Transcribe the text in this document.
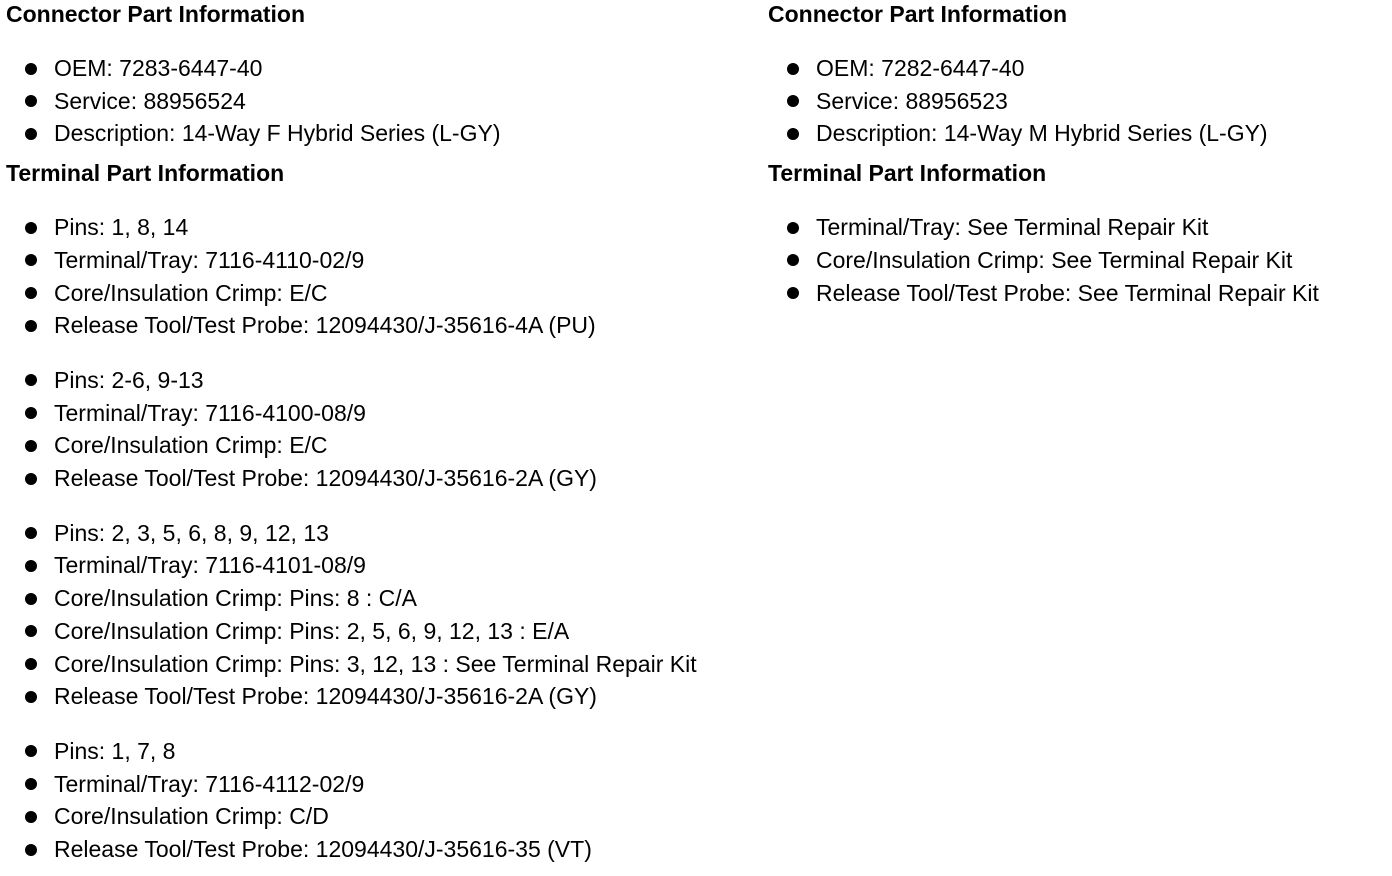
Connector Part Information
OEM: 7283-6447-40
Service: 88956524
Description: 14-Way F Hybrid Series (L-GY)
Terminal Part Information
Pins: 1, 8, 14
Terminal/Tray: 7116-4110-02/9
Core/Insulation Crimp: E/C
Release Tool/Test Probe: 12094430/J-35616-4A (PU)
Pins: 2-6, 9-13
Terminal/Tray: 7116-4100-08/9
Core/Insulation Crimp: E/C
Release Tool/Test Probe: 12094430/J-35616-2A (GY)
Pins: 2, 3, 5, 6, 8, 9, 12, 13
Terminal/Tray: 7116-4101-08/9
Core/Insulation Crimp: Pins: 8 : C/A
Core/Insulation Crimp: Pins: 2, 5, 6, 9, 12, 13 : E/A
Core/Insulation Crimp: Pins: 3, 12, 13 : See Terminal Repair Kit
Release Tool/Test Probe: 12094430/J-35616-2A (GY)
Pins: 1, 7, 8
Terminal/Tray: 7116-4112-02/9
Core/Insulation Crimp: C/D
Release Tool/Test Probe: 12094430/J-35616-35 (VT)
Connector Part Information
OEM: 7282-6447-40
Service: 88956523
Description: 14-Way M Hybrid Series (L-GY)
Terminal Part Information
Terminal/Tray: See Terminal Repair Kit
Core/Insulation Crimp: See Terminal Repair Kit
Release Tool/Test Probe: See Terminal Repair Kit
